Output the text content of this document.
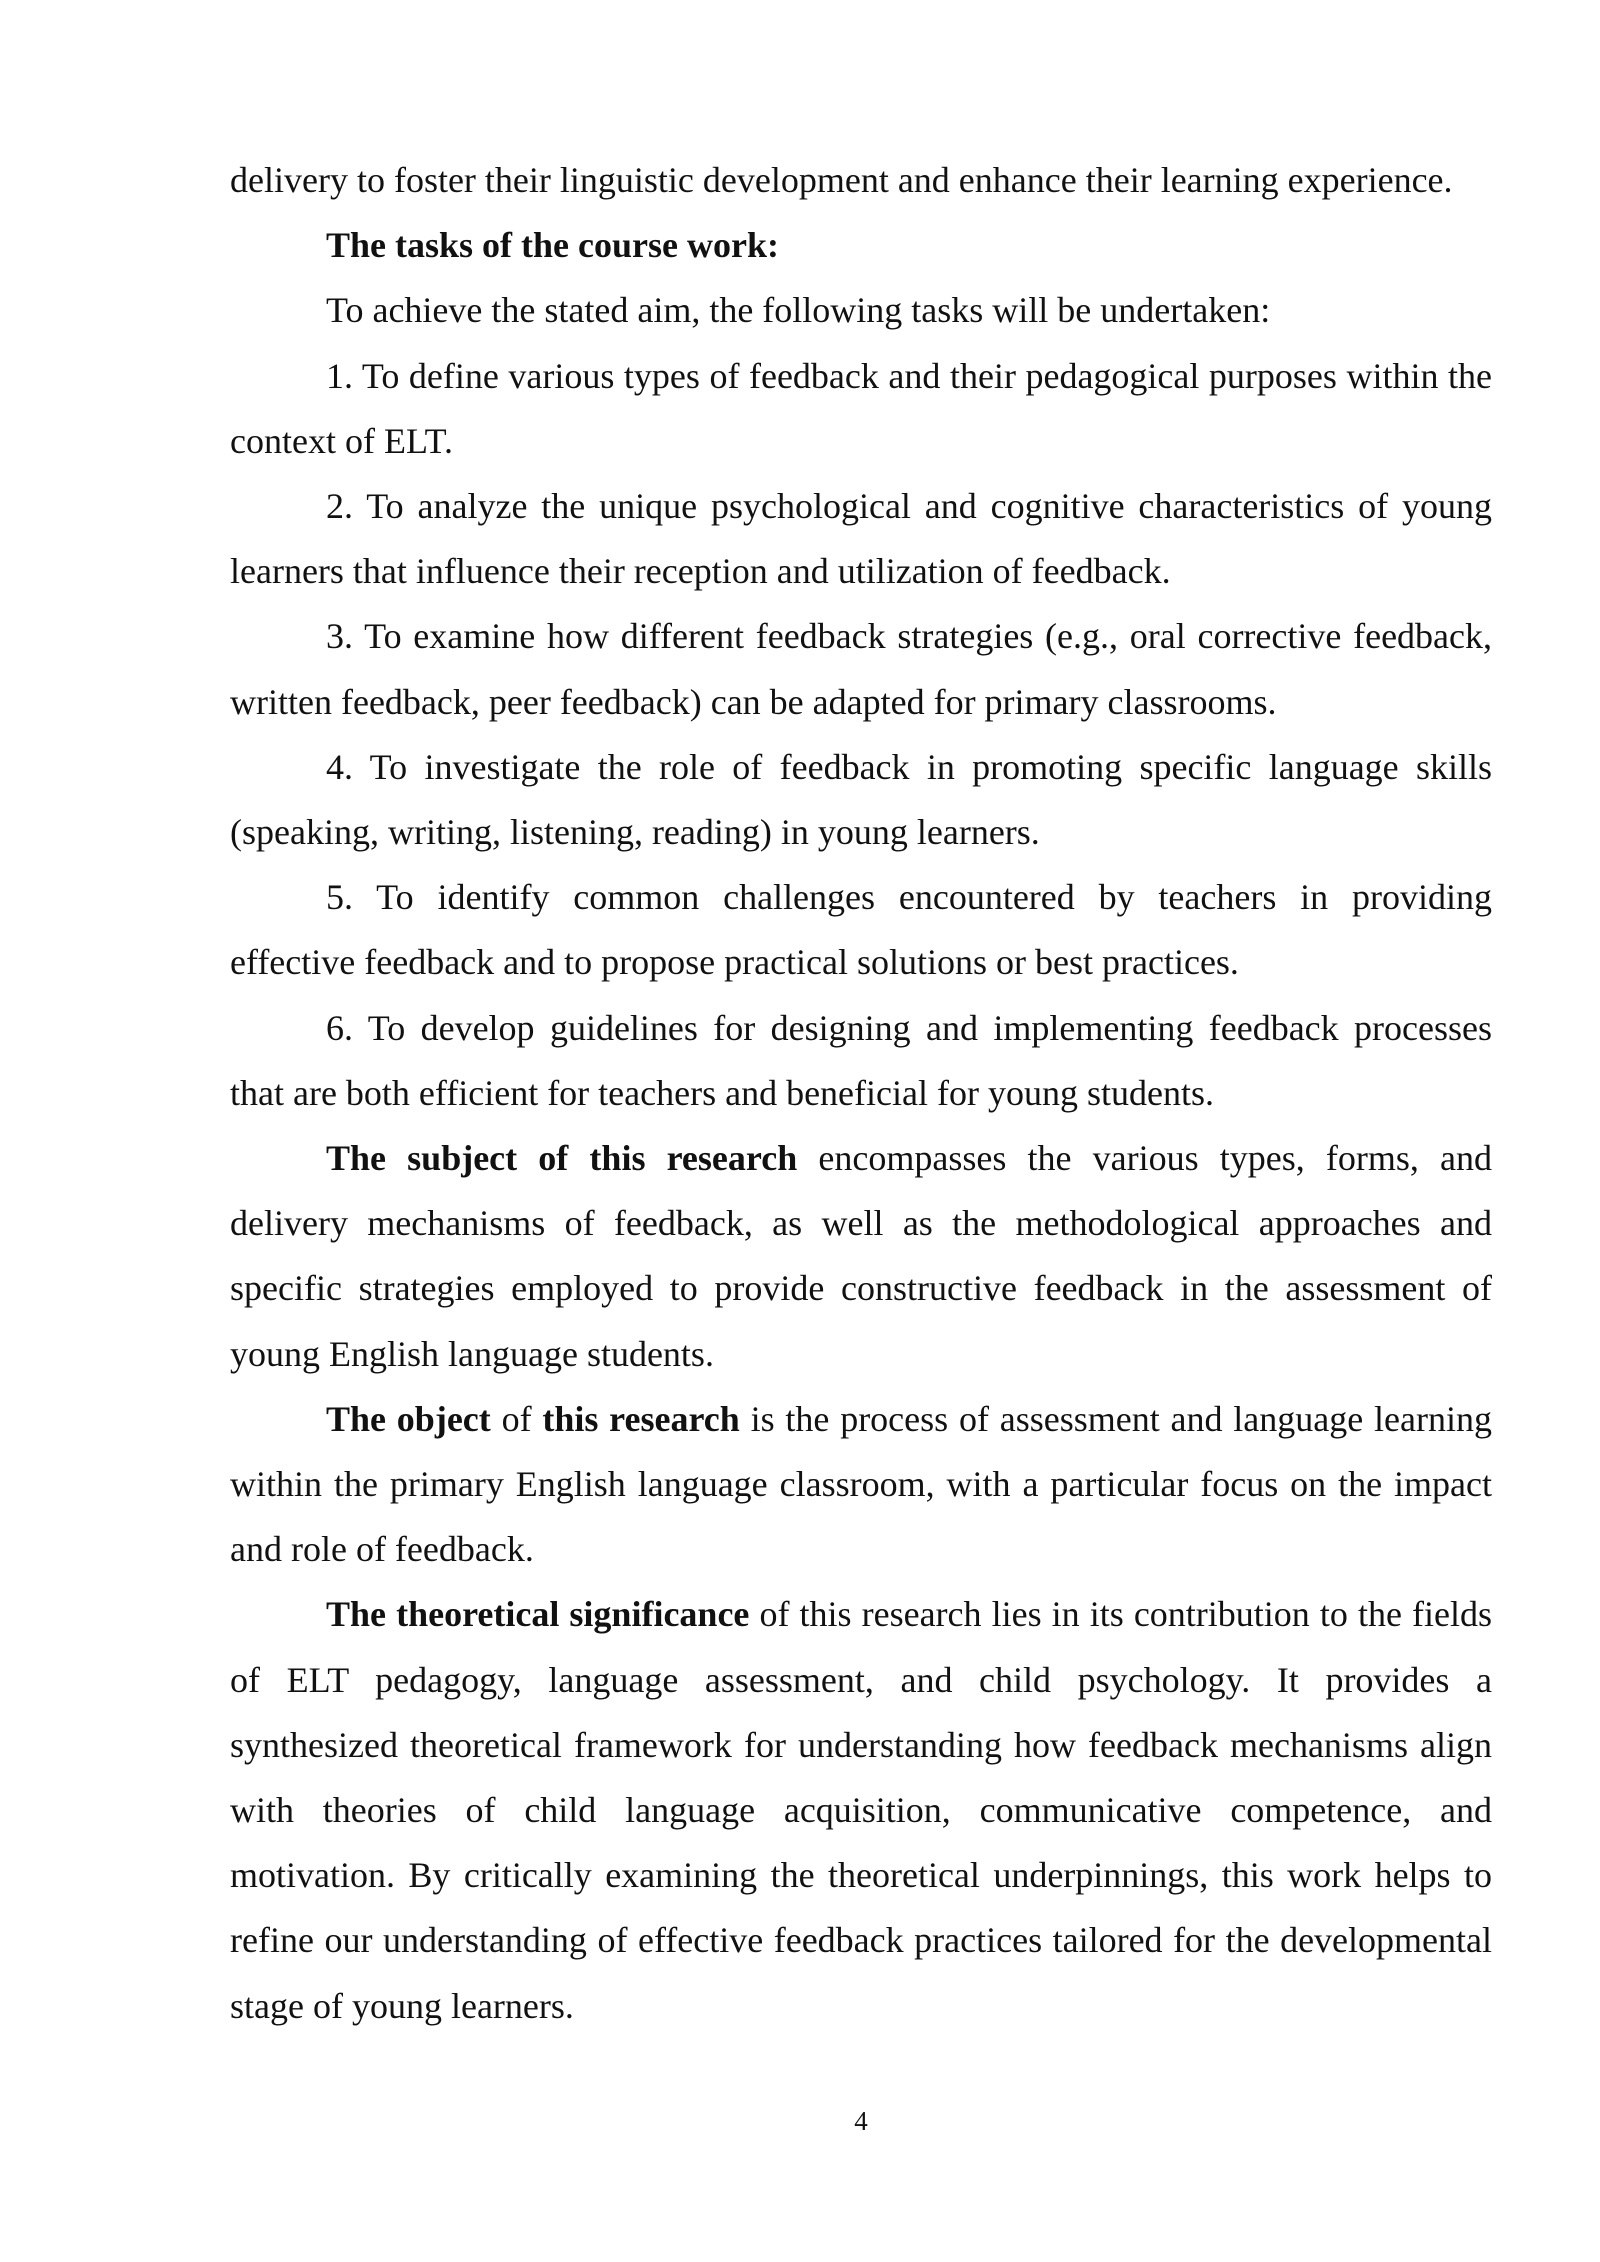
delivery to foster their linguistic development and enhance their learning experience.

The tasks of the course work:

To achieve the stated aim, the following tasks will be undertaken:

1. To define various types of feedback and their pedagogical purposes within the context of ELT.

2. To analyze the unique psychological and cognitive characteristics of young learners that influence their reception and utilization of feedback.

3. To examine how different feedback strategies (e.g., oral corrective feedback, written feedback, peer feedback) can be adapted for primary classrooms.

4. To investigate the role of feedback in promoting specific language skills (speaking, writing, listening, reading) in young learners.

5. To identify common challenges encountered by teachers in providing effective feedback and to propose practical solutions or best practices.

6. To develop guidelines for designing and implementing feedback processes that are both efficient for teachers and beneficial for young students.

The subject of this research encompasses the various types, forms, and delivery mechanisms of feedback, as well as the methodological approaches and specific strategies employed to provide constructive feedback in the assessment of young English language students.

The object of this research is the process of assessment and language learning within the primary English language classroom, with a particular focus on the impact and role of feedback.

The theoretical significance of this research lies in its contribution to the fields of ELT pedagogy, language assessment, and child psychology. It provides a synthesized theoretical framework for understanding how feedback mechanisms align with theories of child language acquisition, communicative competence, and motivation. By critically examining the theoretical underpinnings, this work helps to refine our understanding of effective feedback practices tailored for the developmental stage of young learners.

4
